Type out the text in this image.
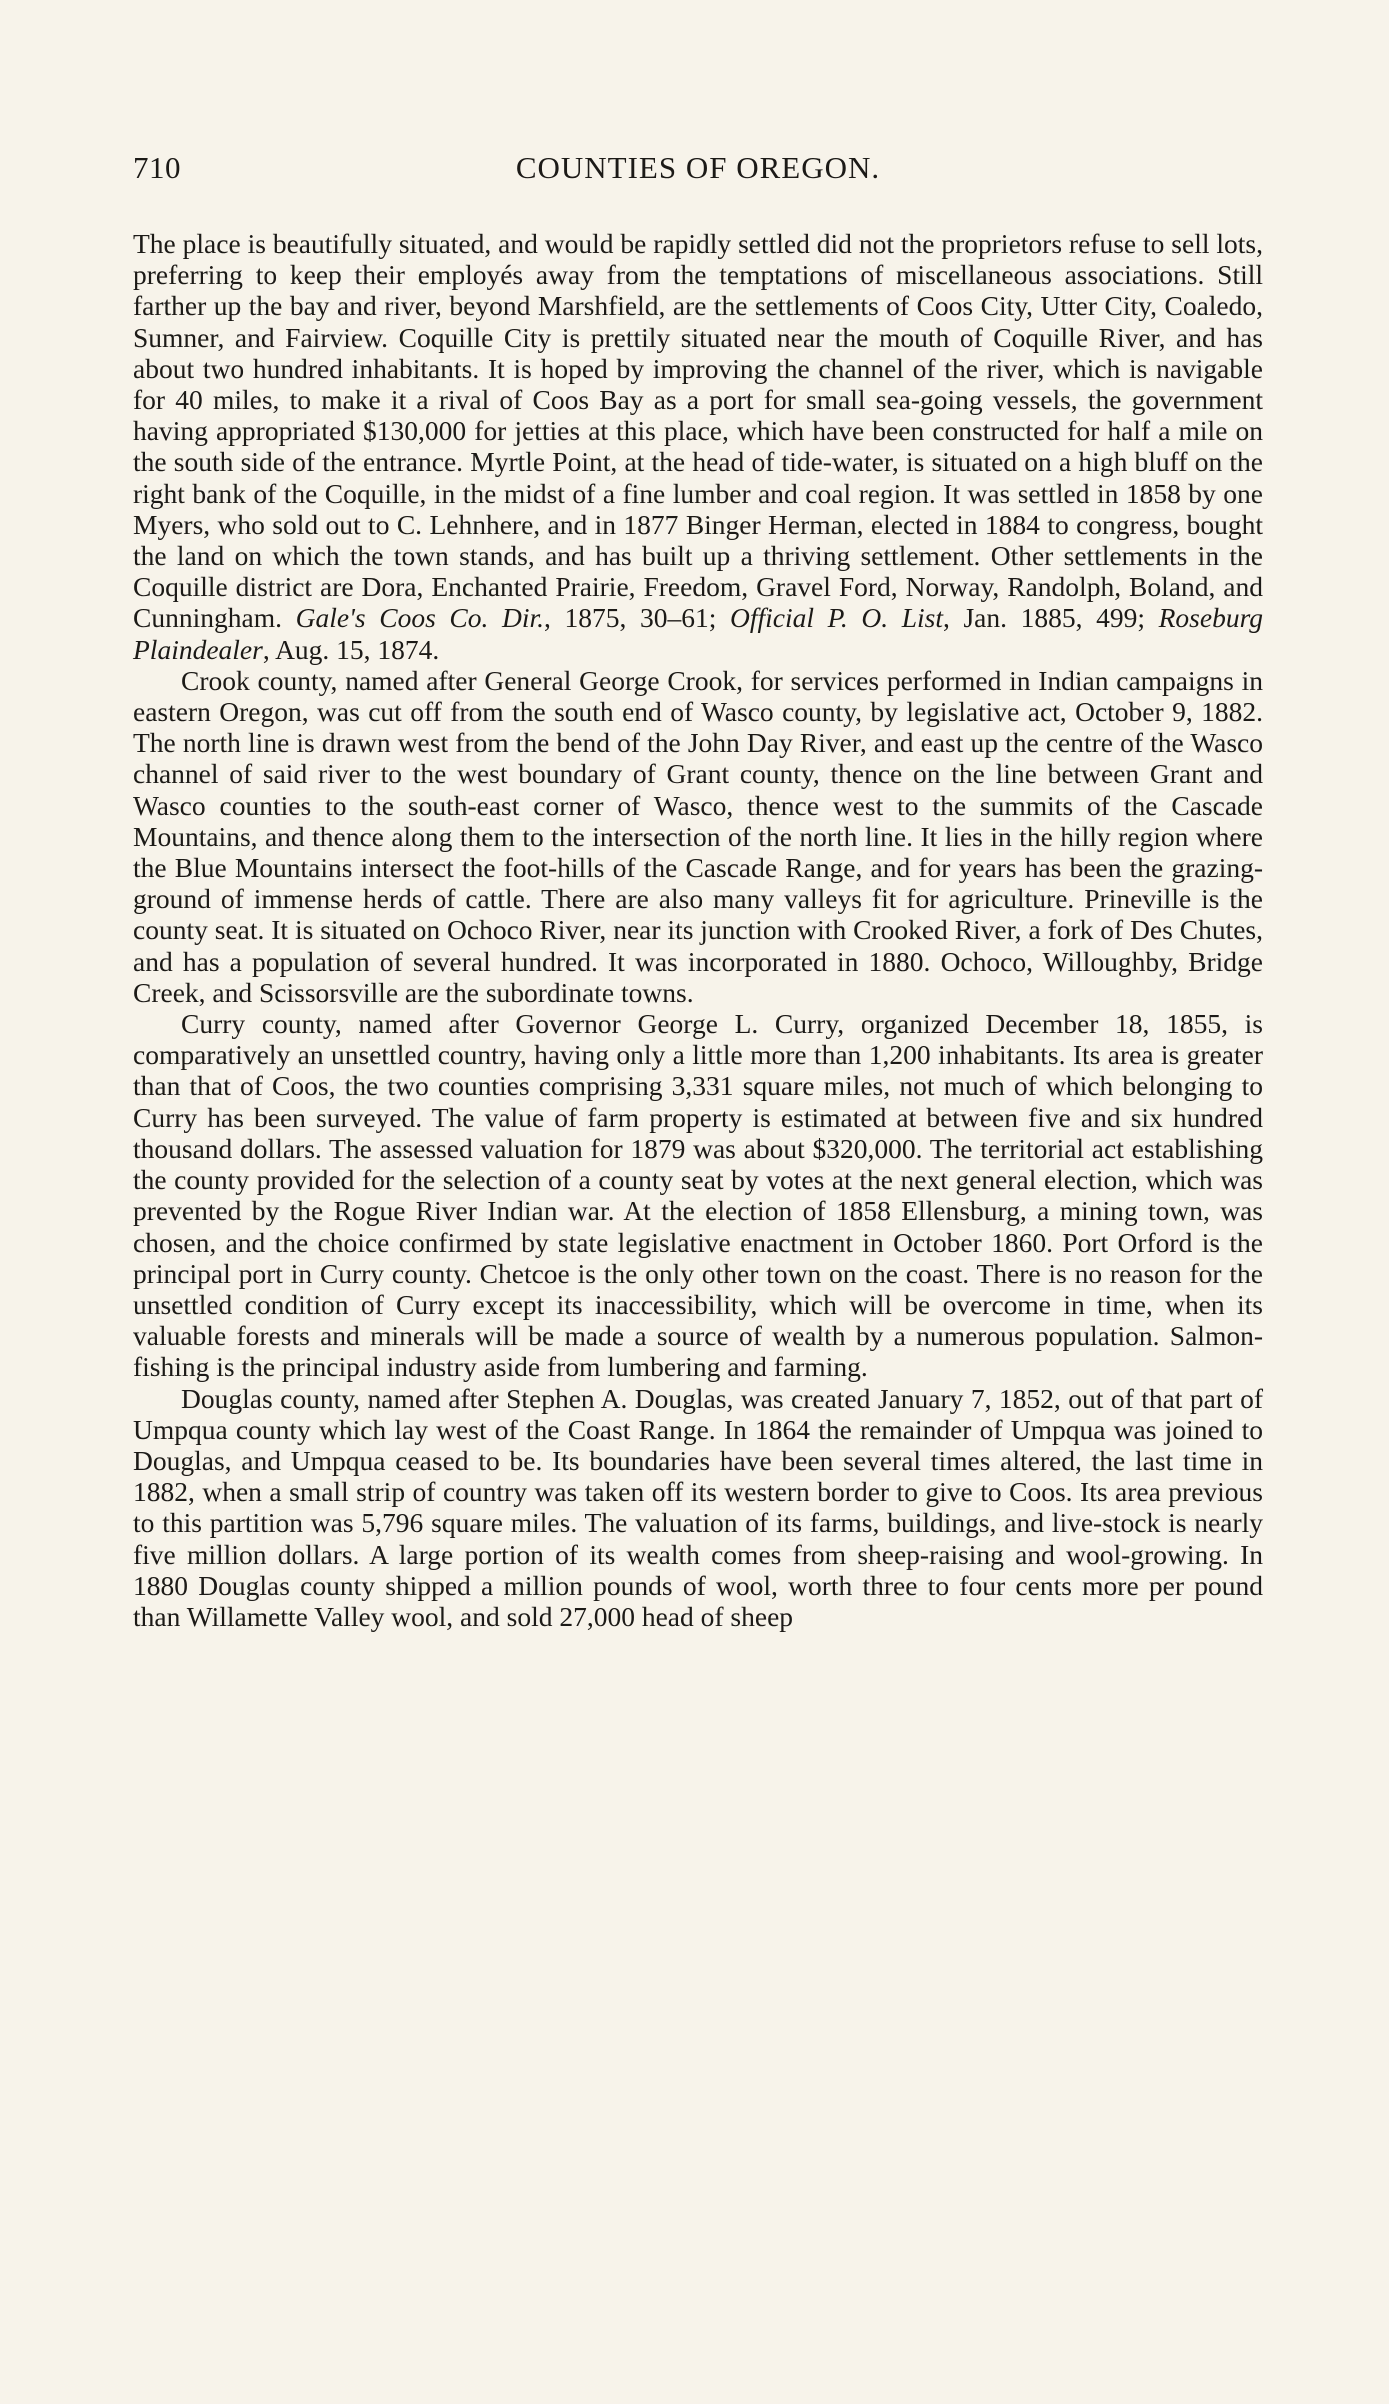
710	COUNTIES OF OREGON.

The place is beautifully situated, and would be rapidly settled did not the proprietors refuse to sell lots, preferring to keep their employés away from the temptations of miscellaneous associations. Still farther up the bay and river, beyond Marshfield, are the settlements of Coos City, Utter City, Coaledo, Sumner, and Fairview. Coquille City is prettily situated near the mouth of Coquille River, and has about two hundred inhabitants. It is hoped by improving the channel of the river, which is navigable for 40 miles, to make it a rival of Coos Bay as a port for small sea-going vessels, the government having appropriated $130,000 for jetties at this place, which have been constructed for half a mile on the south side of the entrance. Myrtle Point, at the head of tide-water, is situated on a high bluff on the right bank of the Coquille, in the midst of a fine lumber and coal region. It was settled in 1858 by one Myers, who sold out to C. Lehnhere, and in 1877 Binger Herman, elected in 1884 to congress, bought the land on which the town stands, and has built up a thriving settlement. Other settlements in the Coquille district are Dora, Enchanted Prairie, Freedom, Gravel Ford, Norway, Randolph, Boland, and Cunningham. Gale's Coos Co. Dir., 1875, 30–61; Official P. O. List, Jan. 1885, 499; Roseburg Plaindealer, Aug. 15, 1874.

Crook county, named after General George Crook, for services performed in Indian campaigns in eastern Oregon, was cut off from the south end of Wasco county, by legislative act, October 9, 1882. The north line is drawn west from the bend of the John Day River, and east up the centre of the Wasco channel of said river to the west boundary of Grant county, thence on the line between Grant and Wasco counties to the south-east corner of Wasco, thence west to the summits of the Cascade Mountains, and thence along them to the intersection of the north line. It lies in the hilly region where the Blue Mountains intersect the foot-hills of the Cascade Range, and for years has been the grazing-ground of immense herds of cattle. There are also many valleys fit for agriculture. Prineville is the county seat. It is situated on Ochoco River, near its junction with Crooked River, a fork of Des Chutes, and has a population of several hundred. It was incorporated in 1880. Ochoco, Willoughby, Bridge Creek, and Scissorsville are the subordinate towns.

Curry county, named after Governor George L. Curry, organized December 18, 1855, is comparatively an unsettled country, having only a little more than 1,200 inhabitants. Its area is greater than that of Coos, the two counties comprising 3,331 square miles, not much of which belonging to Curry has been surveyed. The value of farm property is estimated at between five and six hundred thousand dollars. The assessed valuation for 1879 was about $320,000. The territorial act establishing the county provided for the selection of a county seat by votes at the next general election, which was prevented by the Rogue River Indian war. At the election of 1858 Ellensburg, a mining town, was chosen, and the choice confirmed by state legislative enactment in October 1860. Port Orford is the principal port in Curry county. Chetcoe is the only other town on the coast. There is no reason for the unsettled condition of Curry except its inaccessibility, which will be overcome in time, when its valuable forests and minerals will be made a source of wealth by a numerous population. Salmon-fishing is the principal industry aside from lumbering and farming.

Douglas county, named after Stephen A. Douglas, was created January 7, 1852, out of that part of Umpqua county which lay west of the Coast Range. In 1864 the remainder of Umpqua was joined to Douglas, and Umpqua ceased to be. Its boundaries have been several times altered, the last time in 1882, when a small strip of country was taken off its western border to give to Coos. Its area previous to this partition was 5,796 square miles. The valuation of its farms, buildings, and live-stock is nearly five million dollars. A large portion of its wealth comes from sheep-raising and wool-growing. In 1880 Douglas county shipped a million pounds of wool, worth three to four cents more per pound than Willamette Valley wool, and sold 27,000 head of sheep
